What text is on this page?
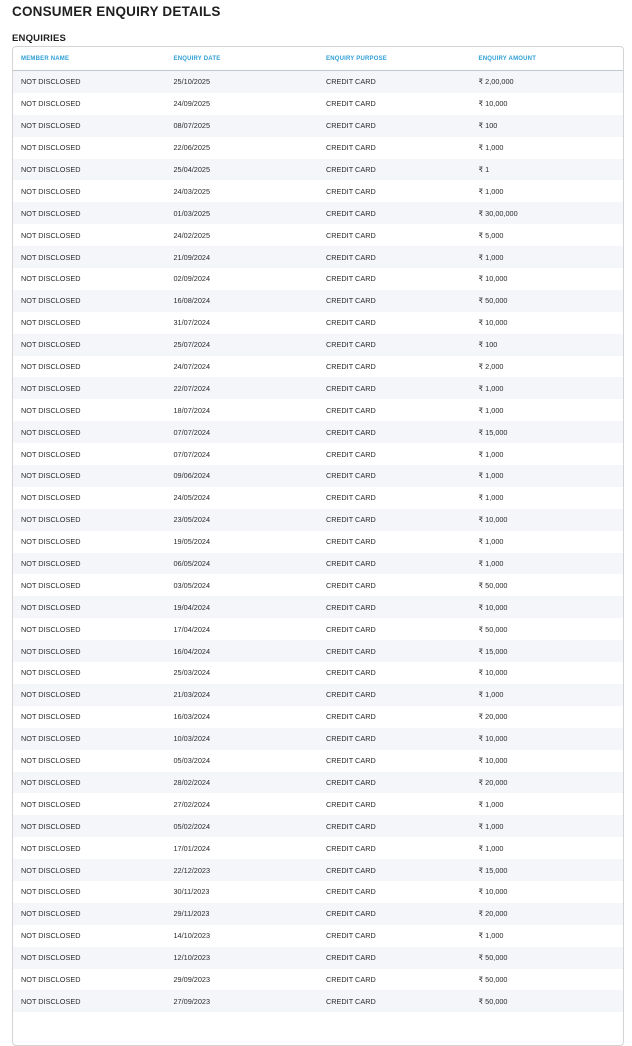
CONSUMER ENQUIRY DETAILS
ENQUIRIES
MEMBER NAME	ENQUIRY DATE	ENQUIRY PURPOSE	ENQUIRY AMOUNT
NOT DISCLOSED	25/10/2025	CREDIT CARD	₹ 2,00,000
NOT DISCLOSED	24/09/2025	CREDIT CARD	₹ 10,000
NOT DISCLOSED	08/07/2025	CREDIT CARD	₹ 100
NOT DISCLOSED	22/06/2025	CREDIT CARD	₹ 1,000
NOT DISCLOSED	25/04/2025	CREDIT CARD	₹ 1
NOT DISCLOSED	24/03/2025	CREDIT CARD	₹ 1,000
NOT DISCLOSED	01/03/2025	CREDIT CARD	₹ 30,00,000
NOT DISCLOSED	24/02/2025	CREDIT CARD	₹ 5,000
NOT DISCLOSED	21/09/2024	CREDIT CARD	₹ 1,000
NOT DISCLOSED	02/09/2024	CREDIT CARD	₹ 10,000
NOT DISCLOSED	16/08/2024	CREDIT CARD	₹ 50,000
NOT DISCLOSED	31/07/2024	CREDIT CARD	₹ 10,000
NOT DISCLOSED	25/07/2024	CREDIT CARD	₹ 100
NOT DISCLOSED	24/07/2024	CREDIT CARD	₹ 2,000
NOT DISCLOSED	22/07/2024	CREDIT CARD	₹ 1,000
NOT DISCLOSED	18/07/2024	CREDIT CARD	₹ 1,000
NOT DISCLOSED	07/07/2024	CREDIT CARD	₹ 15,000
NOT DISCLOSED	07/07/2024	CREDIT CARD	₹ 1,000
NOT DISCLOSED	09/06/2024	CREDIT CARD	₹ 1,000
NOT DISCLOSED	24/05/2024	CREDIT CARD	₹ 1,000
NOT DISCLOSED	23/05/2024	CREDIT CARD	₹ 10,000
NOT DISCLOSED	19/05/2024	CREDIT CARD	₹ 1,000
NOT DISCLOSED	06/05/2024	CREDIT CARD	₹ 1,000
NOT DISCLOSED	03/05/2024	CREDIT CARD	₹ 50,000
NOT DISCLOSED	19/04/2024	CREDIT CARD	₹ 10,000
NOT DISCLOSED	17/04/2024	CREDIT CARD	₹ 50,000
NOT DISCLOSED	16/04/2024	CREDIT CARD	₹ 15,000
NOT DISCLOSED	25/03/2024	CREDIT CARD	₹ 10,000
NOT DISCLOSED	21/03/2024	CREDIT CARD	₹ 1,000
NOT DISCLOSED	16/03/2024	CREDIT CARD	₹ 20,000
NOT DISCLOSED	10/03/2024	CREDIT CARD	₹ 10,000
NOT DISCLOSED	05/03/2024	CREDIT CARD	₹ 10,000
NOT DISCLOSED	28/02/2024	CREDIT CARD	₹ 20,000
NOT DISCLOSED	27/02/2024	CREDIT CARD	₹ 1,000
NOT DISCLOSED	05/02/2024	CREDIT CARD	₹ 1,000
NOT DISCLOSED	17/01/2024	CREDIT CARD	₹ 1,000
NOT DISCLOSED	22/12/2023	CREDIT CARD	₹ 15,000
NOT DISCLOSED	30/11/2023	CREDIT CARD	₹ 10,000
NOT DISCLOSED	29/11/2023	CREDIT CARD	₹ 20,000
NOT DISCLOSED	14/10/2023	CREDIT CARD	₹ 1,000
NOT DISCLOSED	12/10/2023	CREDIT CARD	₹ 50,000
NOT DISCLOSED	29/09/2023	CREDIT CARD	₹ 50,000
NOT DISCLOSED	27/09/2023	CREDIT CARD	₹ 50,000
